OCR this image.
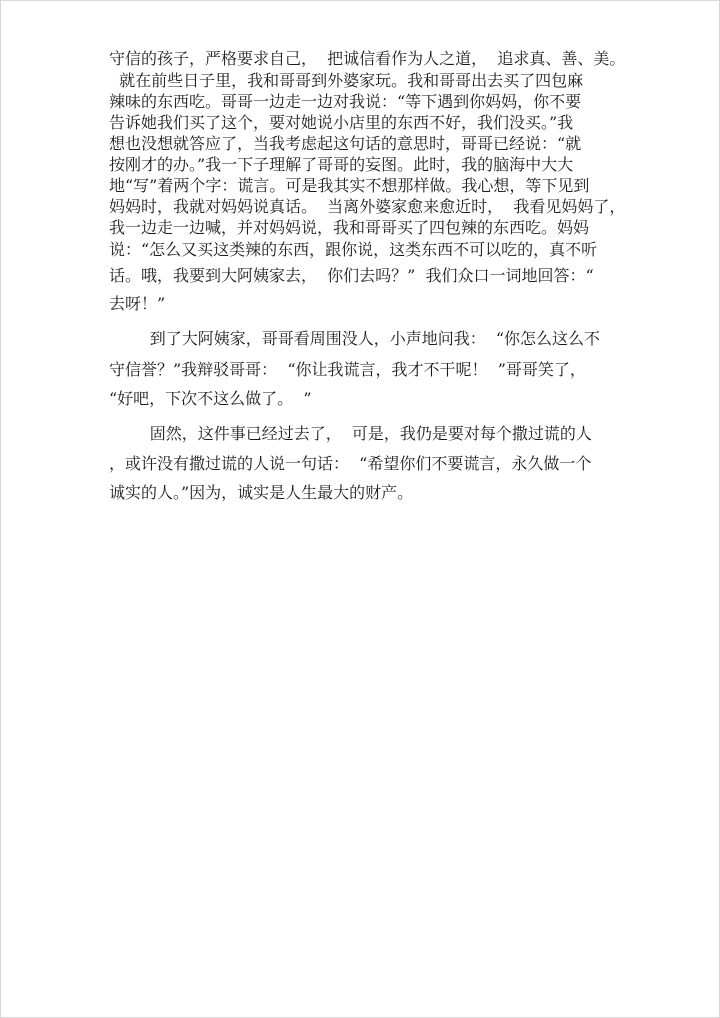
守信的孩子，严格要求自己，  把诚信看作为人之道，  追求真、善、美。
就在前些日子里，我和哥哥到外婆家玩。我和哥哥出去买了四包麻
辣味的东西吃。哥哥一边走一边对我说：“等下遇到你妈妈，你不要
告诉她我们买了这个，要对她说小店里的东西不好，我们没买。”我
想也没想就答应了，当我考虑起这句话的意思时，哥哥已经说：“就
按刚才的办。”我一下子理解了哥哥的妄图。此时，我的脑海中大大
地“写”着两个字：谎言。可是我其实不想那样做。我心想，等下见到
妈妈时，我就对妈妈说真话。  当离外婆家愈来愈近时，  我看见妈妈了，
我一边走一边喊，并对妈妈说，我和哥哥买了四包辣的东西吃。妈妈
说：“怎么又买这类辣的东西，跟你说，这类东西不可以吃的，真不听
话。哦，我要到大阿姨家去，  你们去吗？”  我们众口一词地回答：“
去呀！”
到了大阿姨家，哥哥看周围没人，小声地问我：  “你怎么这么不
守信誉？”我辩驳哥哥：  “你让我谎言，我才不干呢！  ”哥哥笑了，
“好吧，下次不这么做了。  ”
固然，这件事已经过去了，  可是，我仍是要对每个撒过谎的人
，或许没有撒过谎的人说一句话：  “希望你们不要谎言，永久做一个
诚实的人。”因为，诚实是人生最大的财产。
